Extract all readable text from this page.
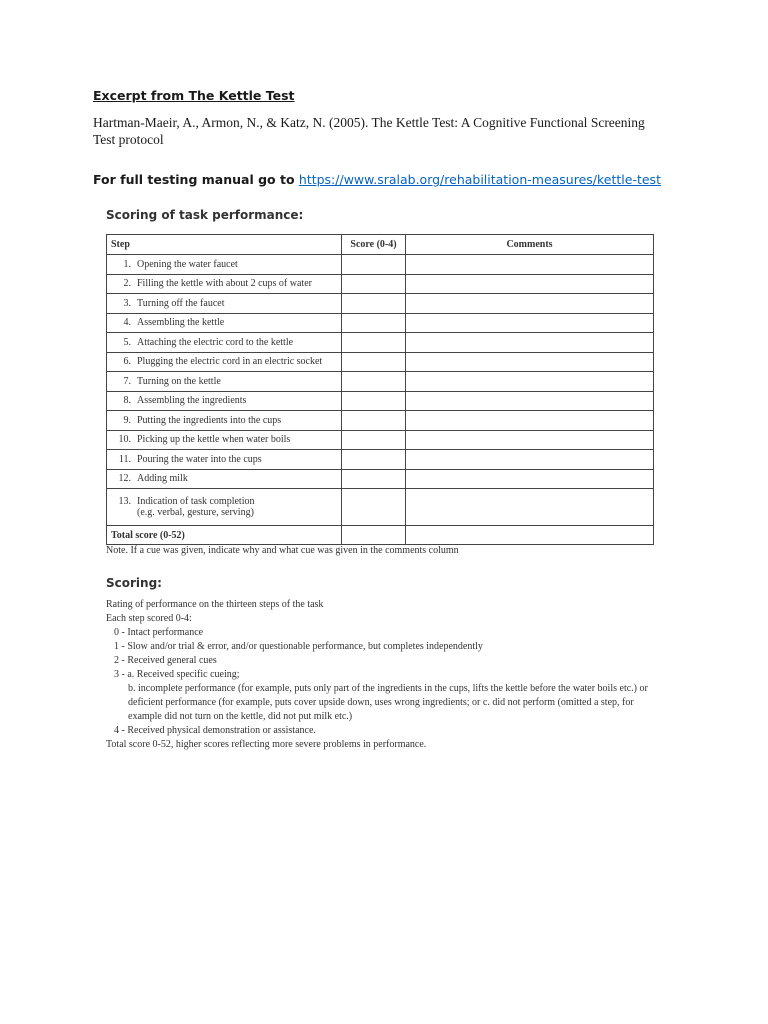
Excerpt from The Kettle Test
Hartman-Maeir, A., Armon, N., & Katz, N. (2005). The Kettle Test: A Cognitive Functional Screening Test protocol
For full testing manual go to https://www.sralab.org/rehabilitation-measures/kettle-test
Scoring of task performance:
Step	Score (0-4)	Comments
1. Opening the water faucet		
2. Filling the kettle with about 2 cups of water		
3. Turning off the faucet		
4. Assembling the kettle		
5. Attaching the electric cord to the kettle		
6. Plugging the electric cord in an electric socket		
7. Turning on the kettle		
8. Assembling the ingredients		
9. Putting the ingredients into the cups		
10. Picking up the kettle when water boils		
11. Pouring the water into the cups		
12. Adding milk		
13. Indication of task completion
(e.g. verbal, gesture, serving)		

Total score (0-52)		
Note. If a cue was given, indicate why and what cue was given in the comments column
Scoring:

Rating of performance on the thirteen steps of the task

Each step scored 0-4:

0 - Intact performance

1 - Slow and/or trial & error, and/or questionable performance, but completes independently

2 - Received general cues

3 - a. Received specific cueing;

b. incomplete performance (for example, puts only part of the ingredients in the cups, lifts the kettle before the water boils etc.) or deficient performance (for example, puts cover upside down, uses wrong ingredients; or c. did not perform (omitted a step, for example did not turn on the kettle, did not put milk etc.)

4 - Received physical demonstration or assistance.

Total score 0-52, higher scores reflecting more severe problems in performance.
